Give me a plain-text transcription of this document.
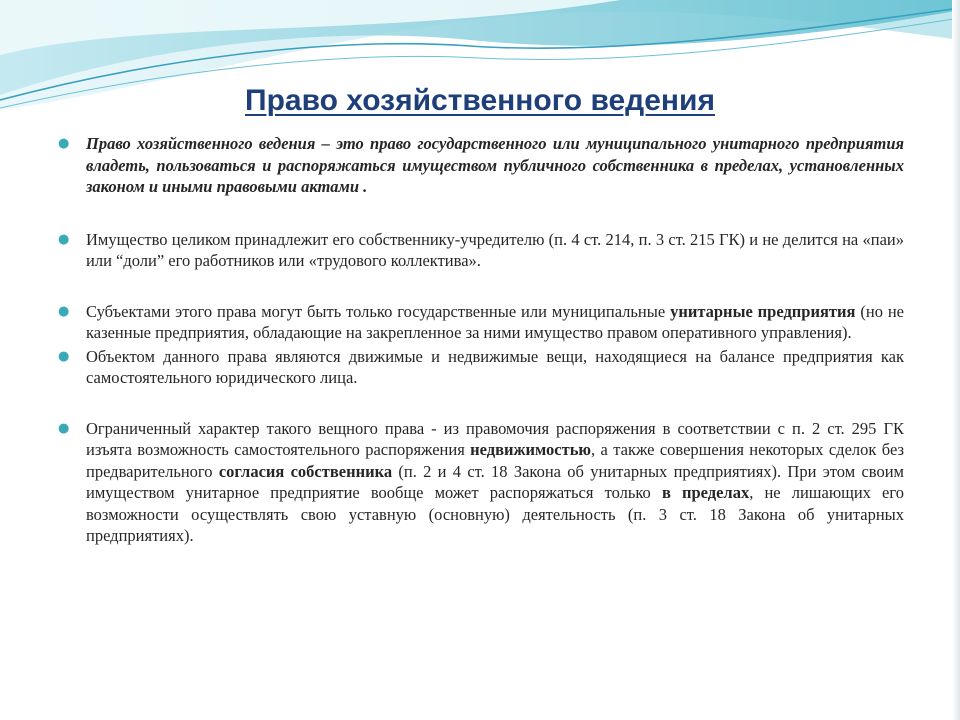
Право хозяйственного ведения
● Право хозяйственного ведения – это право государственного или муниципального унитарного предприятия владеть, пользоваться и распоряжаться имуществом публичного собственника в пределах, установленных законом и иными правовыми актами .
● Имущество целиком принадлежит его собственнику-учредителю (п. 4 ст. 214, п. 3 ст. 215 ГК) и не делится на «паи» или “доли” его работников или «трудового коллектива».
● Субъектами этого права могут быть только государственные или муниципальные унитарные предприятия (но не казенные предприятия, обладающие на закрепленное за ними имущество правом оперативного управления).
● Объектом данного права являются движимые и недвижимые вещи, находящиеся на балансе предприятия как самостоятельного юридического лица.
● Ограниченный характер такого вещного права - из правомочия распоряжения в соответствии с п. 2 ст. 295 ГК изъята возможность самостоятельного распоряжения недвижимостью, а также совершения некоторых сделок без предварительного согласия собственника (п. 2 и 4 ст. 18 Закона об унитарных предприятиях). При этом своим имуществом унитарное предприятие вообще может распоряжаться только в пределах, не лишающих его возможности осуществлять свою уставную (основную) деятельность (п. 3 ст. 18 Закона об унитарных предприятиях).
